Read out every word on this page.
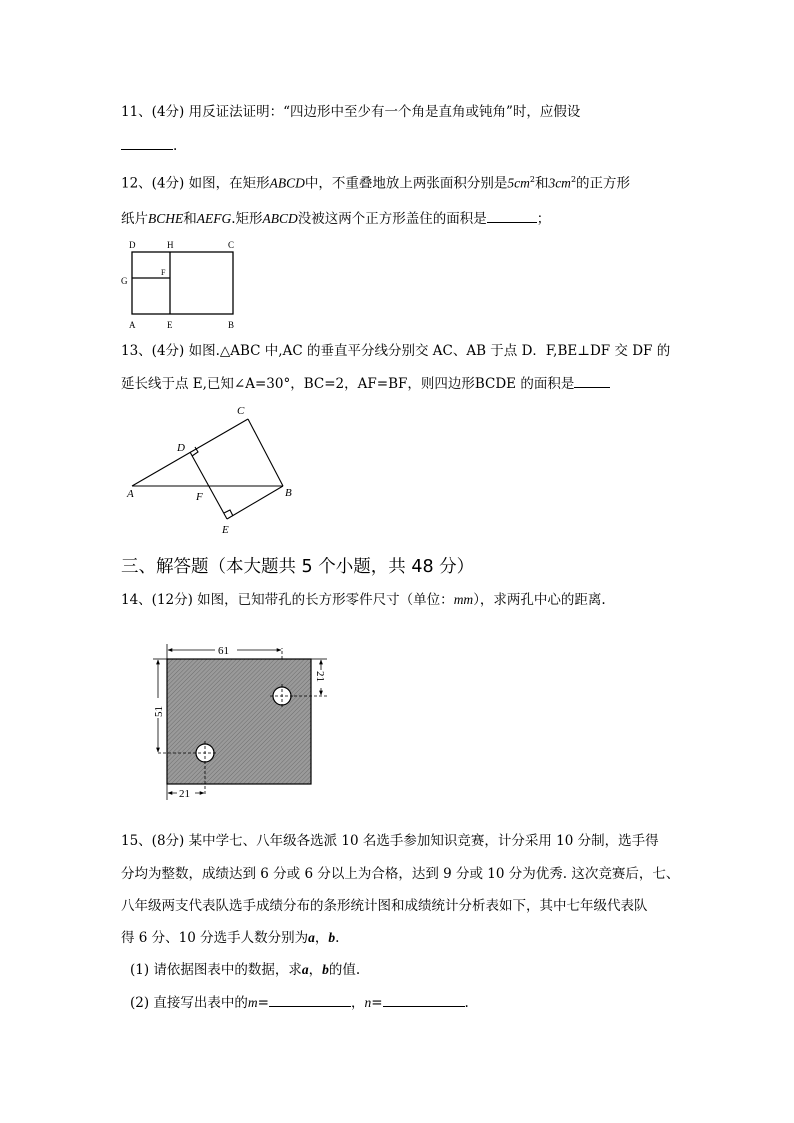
11、(4分) 用反证法证明：“四边形中至少有一个角是直角或钝角”时，应假设
.
12、(4分) 如图，在矩形ABCD中，不重叠地放上两张面积分别是$5cm^2$和$3cm^2$的正方形
纸片BCHE和AEFG.矩形ABCD没被这两个正方形盖住的面积是	；
D	H	C
G
F
A	E	B
13、(4分) 如图.△ABC 中,AC 的垂直平分线分别交 AC、AB 于点 D．F,BE⊥DF 交 DF 的
延长线于点 E,已知∠A=30°，BC=2，AF=BF，则四边形BCDE 的面积是
C
D
A	F	B
E
三、解答题（本大题共 5 个小题，共 48 分）
14、(12分) 如图，已知带孔的长方形零件尺寸（单位：mm），求两孔中心的距离.
61
51
21
21
15、(8分) 某中学七、八年级各选派 10 名选手参加知识竞赛，计分采用 10 分制，选手得
分均为整数，成绩达到 6 分或 6 分以上为合格，达到 9 分或 10 分为优秀. 这次竞赛后，七、
八年级两支代表队选手成绩分布的条形统计图和成绩统计分析表如下，其中七年级代表队
得 6 分、10 分选手人数分别为a，b.
(1) 请依据图表中的数据，求a，b的值.
(2) 直接写出表中的m=	，n=	.
